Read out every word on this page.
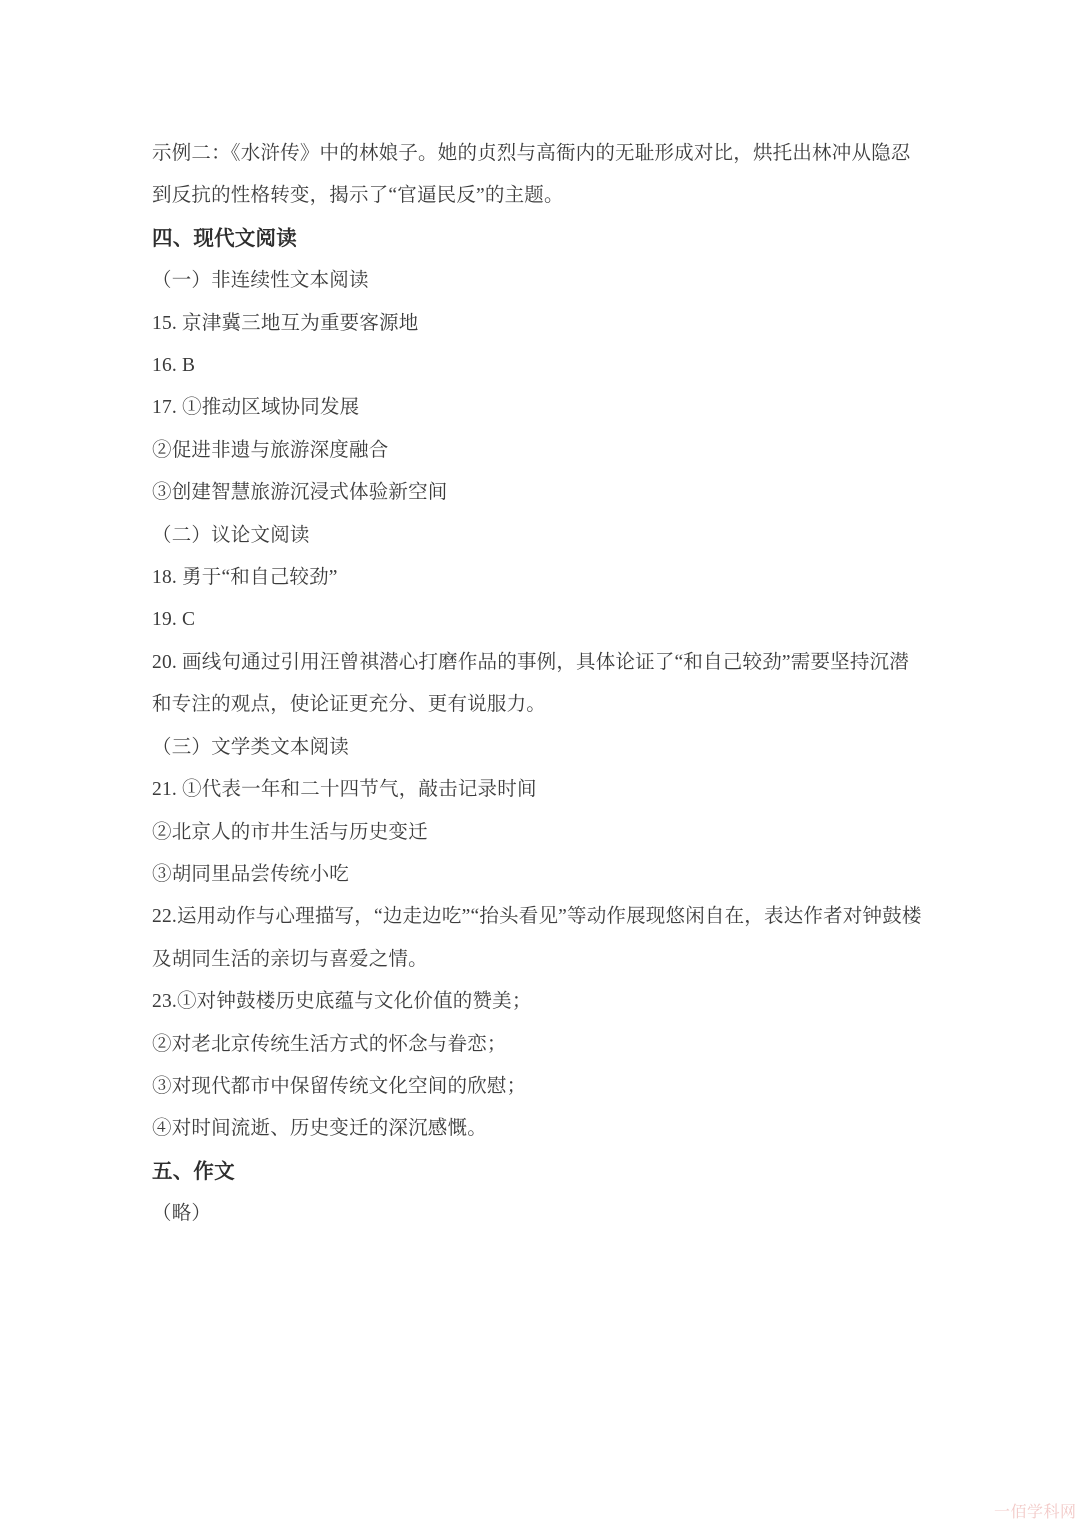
示例二：《水浒传》中的林娘子。她的贞烈与高衙内的无耻形成对比，烘托出林冲从隐忍

到反抗的性格转变，揭示了“官逼民反”的主题。

四、现代文阅读

（一）非连续性文本阅读

15. 京津冀三地互为重要客源地

16. B

17. ①推动区域协同发展

②促进非遗与旅游深度融合

③创建智慧旅游沉浸式体验新空间

（二）议论文阅读

18. 勇于“和自己较劲”

19. C

20. 画线句通过引用汪曾祺潜心打磨作品的事例，具体论证了“和自己较劲”需要坚持沉潜

和专注的观点，使论证更充分、更有说服力。

（三）文学类文本阅读

21. ①代表一年和二十四节气，敲击记录时间

②北京人的市井生活与历史变迁

③胡同里品尝传统小吃

22.运用动作与心理描写，“边走边吃”“抬头看见”等动作展现悠闲自在，表达作者对钟鼓楼

及胡同生活的亲切与喜爱之情。

23.①对钟鼓楼历史底蕴与文化价值的赞美；

②对老北京传统生活方式的怀念与眷恋；

③对现代都市中保留传统文化空间的欣慰；

④对时间流逝、历史变迁的深沉感慨。

五、作文

（略）

一佰学科网
